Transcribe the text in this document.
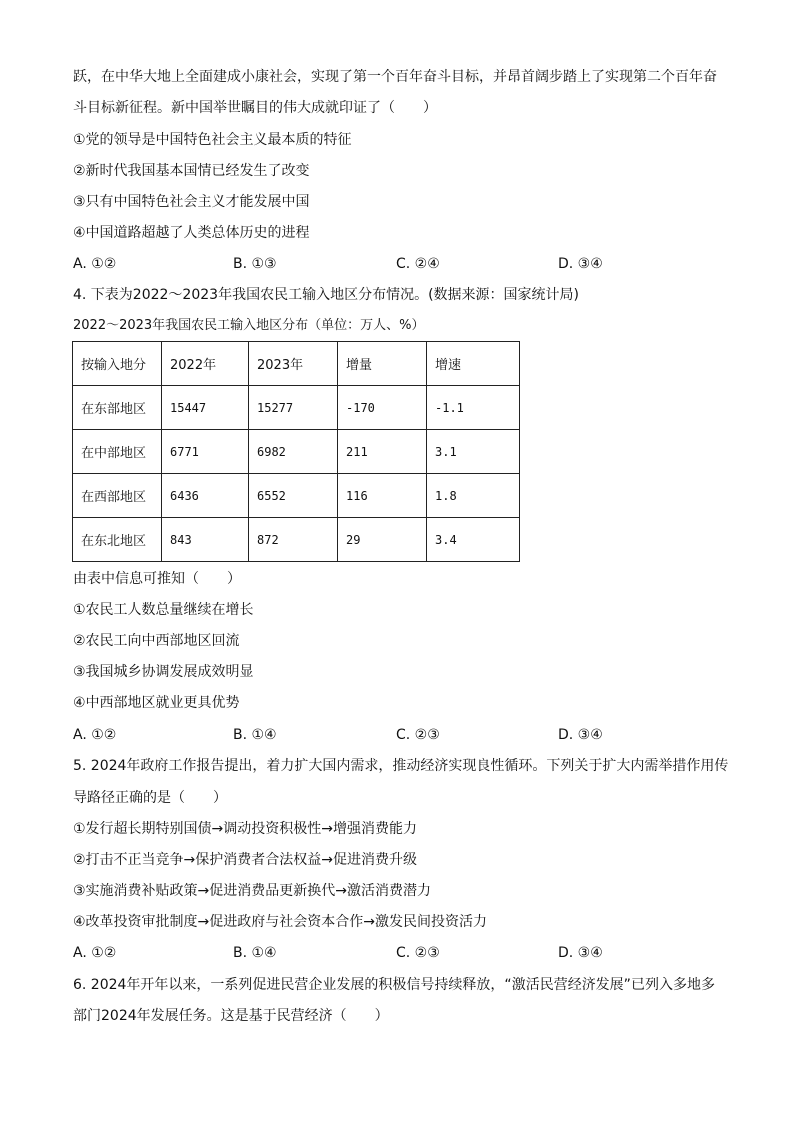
跃，在中华大地上全面建成小康社会，实现了第一个百年奋斗目标，并昂首阔步踏上了实现第二个百年奋
斗目标新征程。新中国举世瞩目的伟大成就印证了（　　）
①党的领导是中国特色社会主义最本质的特征
②新时代我国基本国情已经发生了改变
③只有中国特色社会主义才能发展中国
④中国道路超越了人类总体历史的进程
A. ①②	B. ①③	C. ②④	D. ③④
4. 下表为2022～2023年我国农民工输入地区分布情况。(数据来源：国家统计局)
2022～2023年我国农民工输入地区分布（单位：万人、%）
按输入地分	2022年	2023年	增量	增速
在东部地区	15447	15277	-170	-1.1
在中部地区	6771	6982	211	3.1
在西部地区	6436	6552	116	1.8
在东北地区	843	872	29	3.4
由表中信息可推知（　　）
①农民工人数总量继续在增长
②农民工向中西部地区回流
③我国城乡协调发展成效明显
④中西部地区就业更具优势
A. ①②	B. ①④	C. ②③	D. ③④
5. 2024年政府工作报告提出，着力扩大国内需求，推动经济实现良性循环。下列关于扩大内需举措作用传
导路径正确的是（　　）
①发行超长期特别国债→调动投资积极性→增强消费能力
②打击不正当竞争→保护消费者合法权益→促进消费升级
③实施消费补贴政策→促进消费品更新换代→激活消费潜力
④改革投资审批制度→促进政府与社会资本合作→激发民间投资活力
A. ①②	B. ①④	C. ②③	D. ③④
6. 2024年开年以来，一系列促进民营企业发展的积极信号持续释放，“激活民营经济发展”已列入多地多
部门2024年发展任务。这是基于民营经济（　　）
